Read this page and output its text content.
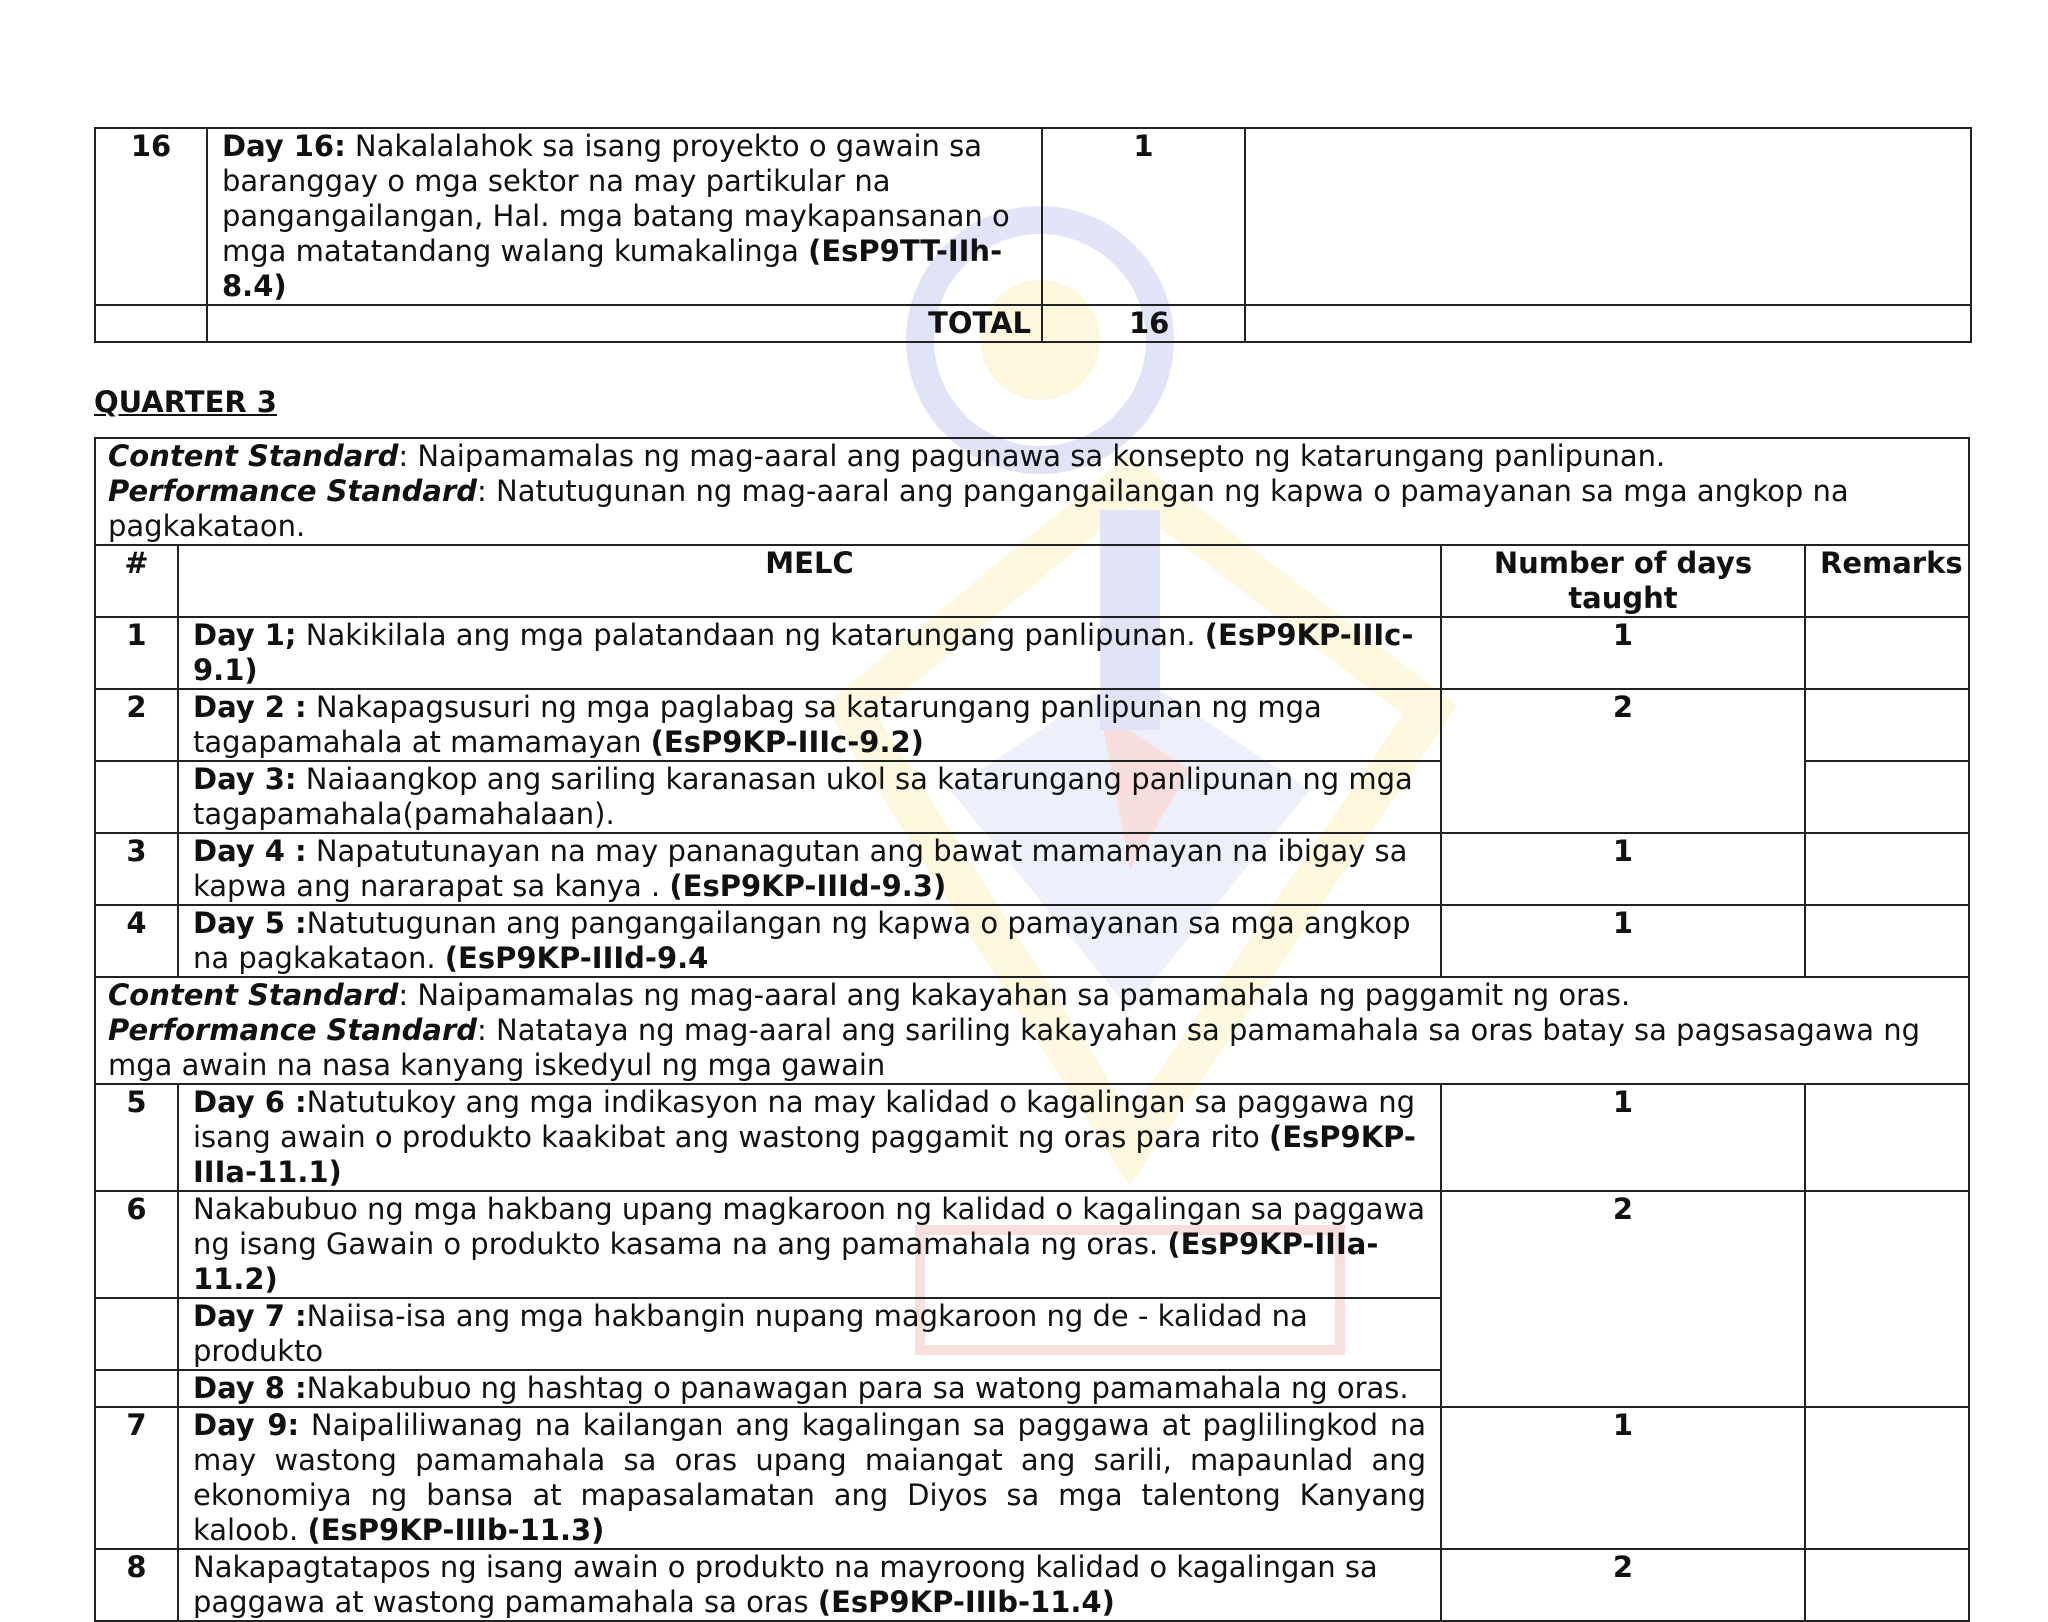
16	Day 16: Nakalalahok sa isang proyekto o gawain sa baranggay o mga sektor na may partikular na pangangailangan, Hal. mga batang maykapansanan o mga matatandang walang kumakalinga (EsP9TT-IIh-8.4)	1	
	TOTAL	16	
QUARTER 3
Content Standard: Naipamamalas ng mag-aaral ang pagunawa sa konsepto ng katarungang panlipunan.
Performance Standard: Natutugunan ng mag-aaral ang pangangailangan ng kapwa o pamayanan sa mga angkop na pagkakataon.			

#	MELC	Number of days taught	Remarks
1	Day 1; Nakikilala ang mga palatandaan ng katarungang panlipunan. (EsP9KP-IIIc-9.1)	1	
2	Day 2 : Nakapagsusuri ng mga paglabag sa katarungang panlipunan ng mga tagapamahala at mamamayan (EsP9KP-IIIc-9.2)	2	
	Day 3: Naiaangkop ang sariling karanasan ukol sa katarungang panlipunan ng mga tagapamahala(pamahalaan).		
3	Day 4 : Napatutunayan na may pananagutan ang bawat mamamayan na ibigay sa kapwa ang nararapat sa kanya . (EsP9KP-IIId-9.3)	1	
4	Day 5 :Natutugunan ang pangangailangan ng kapwa o pamayanan sa mga angkop na pagkakataon. (EsP9KP-IIId-9.4	1	

Content Standard: Naipamamalas ng mag-aaral ang kakayahan sa pamamahala ng paggamit ng oras.
Performance Standard: Natataya ng mag-aaral ang sariling kakayahan sa pamamahala sa oras batay sa pagsasagawa ng mga awain na nasa kanyang iskedyul ng mga gawain			

5	Day 6 :Natutukoy ang mga indikasyon na may kalidad o kagalingan sa paggawa ng isang awain o produkto kaakibat ang wastong paggamit ng oras para rito (EsP9KP-IIIa-11.1)	1	
6	Nakabubuo ng mga hakbang upang magkaroon ng kalidad o kagalingan sa paggawa ng isang Gawain o produkto kasama na ang pamamahala ng oras. (EsP9KP-IIIa-11.2)	2	
	Day 7 :Naiisa-isa ang mga hakbangin nupang magkaroon ng de - kalidad na produkto		
	Day 8 :Nakabubuo ng hashtag o panawagan para sa watong pamamahala ng oras.		
7	Day 9: Naipaliliwanag na kailangan ang kagalingan sa paggawa at paglilingkod na may wastong pamamahala sa oras upang maiangat ang sarili, mapaunlad ang ekonomiya ng bansa at mapasalamatan ang Diyos sa mga talentong Kanyang kaloob. (EsP9KP-IIIb-11.3)	1	
8	Nakapagtatapos ng isang awain o produkto na mayroong kalidad o kagalingan sa paggawa at wastong pamamahala sa oras (EsP9KP-IIIb-11.4)	2	
